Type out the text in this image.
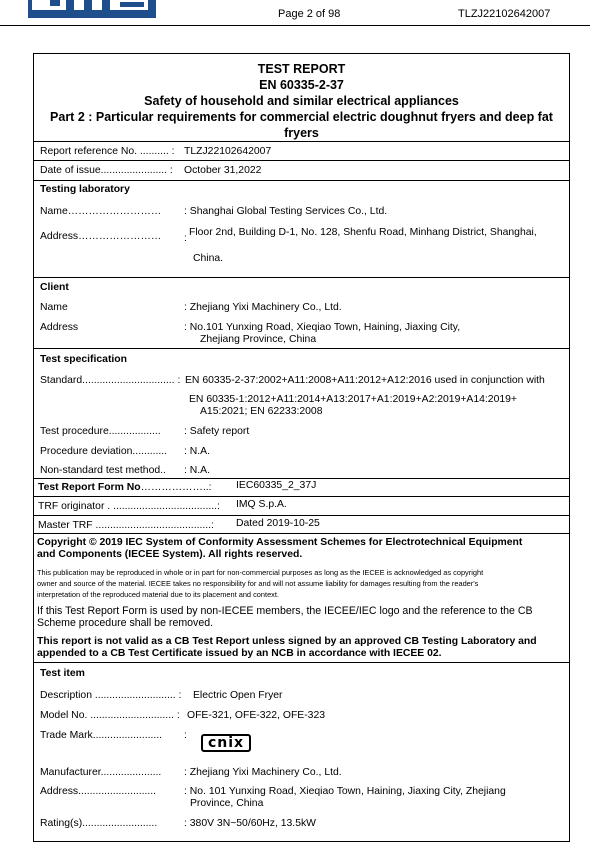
Page 2 of 98	TLZJ22102642007
TEST REPORT
EN 60335-2-37
Safety of household and similar electrical appliances
Part 2 : Particular requirements for commercial electric doughnut fryers and deep fat
fryers
Report reference No. .......... : TLZJ22102642007
Date of issue....................... : October 31,2022
Testing laboratory
Name……………………… : Shanghai Global Testing Services Co., Ltd.
Address…………………… :
Floor 2nd, Building D-1, No. 128, Shenfu Road, Minhang District, Shanghai,
China.
Client
Name	: Zhejiang Yixi Machinery Co., Ltd.
Address	: No.101 Yunxing Road, Xieqiao Town, Haining, Jiaxing City,
Zhejiang Province, China
Test specification
Standard................................ : EN 60335-2-37:2002+A11:2008+A11:2012+A12:2016 used in conjunction with
EN 60335-1:2012+A11:2014+A13:2017+A1:2019+A2:2019+A14:2019+
A15:2021; EN 62233:2008
Test procedure.................. : Safety report
Procedure deviation............ : N.A.
Non-standard test method.. : N.A.
Test Report Form No………………..: IEC60335_2_37J
TRF originator . ....................................: IMQ S.p.A.
Master TRF ........................................: Dated 2019-10-25
Copyright © 2019 IEC System of Conformity Assessment Schemes for Electrotechnical Equipment
and Components (IECEE System). All rights reserved.
This publication may be reproduced in whole or in part for non-commercial purposes as long as the IECEE is acknowledged as copyright
owner and source of the material. IECEE takes no responsibility for and will not assume liability for damages resulting from the reader's
interpretation of the reproduced material due to its placement and context.
If this Test Report Form is used by non-IECEE members, the IECEE/IEC logo and the reference to the CB
Scheme procedure shall be removed.
This report is not valid as a CB Test Report unless signed by an approved CB Testing Laboratory and
appended to a CB Test Certificate issued by an NCB in accordance with IECEE 02.
Test item
Description ............................ : Electric Open Fryer
Model No. ............................. : OFE-321, OFE-322, OFE-323
Trade Mark........................ :	cnix
Manufacturer..................... : Zhejiang Yixi Machinery Co., Ltd.
Address...........................	: No. 101 Yunxing Road, Xieqiao Town, Haining, Jiaxing City, Zhejiang
Province, China
Rating(s)..........................	: 380V 3N~50/60Hz, 13.5kW
